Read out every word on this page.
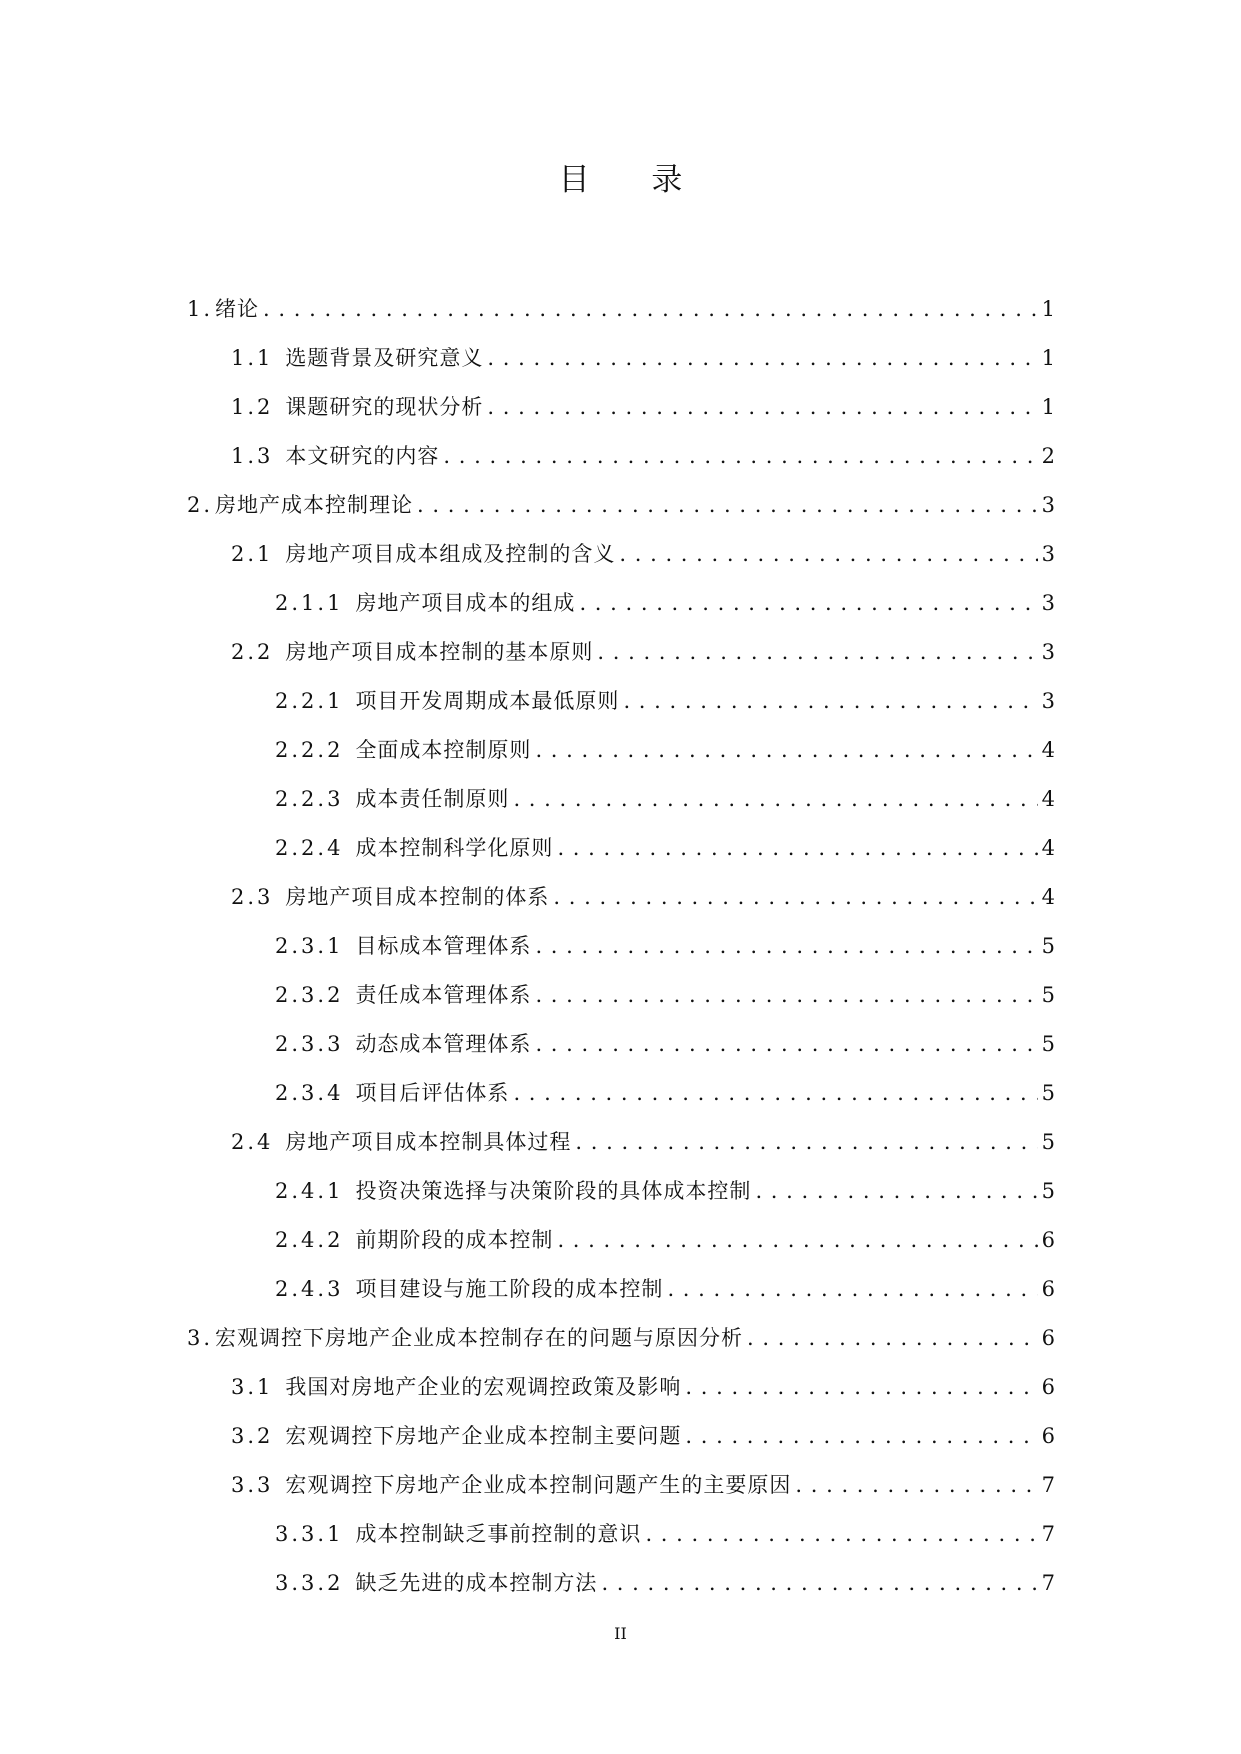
目 录
1. 绪论 . . .	1
1.1 选题背景及研究意义 . . .	1
1.2 课题研究的现状分析 . . .	1
1.3 本文研究的内容 . . .	2
2. 房地产成本控制理论 . . .	3
2.1 房地产项目成本组成及控制的含义 . . .	3
2.1.1 房地产项目成本的组成 . . .	3
2.2 房地产项目成本控制的基本原则 . . .	3
2.2.1 项目开发周期成本最低原则 . . .	3
2.2.2 全面成本控制原则 . . .	4
2.2.3 成本责任制原则 . . .	4
2.2.4 成本控制科学化原则 . . .	4
2.3 房地产项目成本控制的体系 . . .	4
2.3.1 目标成本管理体系 . . .	5
2.3.2 责任成本管理体系 . . .	5
2.3.3 动态成本管理体系 . . .	5
2.3.4 项目后评估体系 . . .	5
2.4 房地产项目成本控制具体过程 . . .	5
2.4.1 投资决策选择与决策阶段的具体成本控制 . . .	5
2.4.2 前期阶段的成本控制 . . .	6
2.4.3 项目建设与施工阶段的成本控制 . . .	6
3. 宏观调控下房地产企业成本控制存在的问题与原因分析 . . .	6
3.1 我国对房地产企业的宏观调控政策及影响 . . .	6
3.2 宏观调控下房地产企业成本控制主要问题 . . .	6
3.3 宏观调控下房地产企业成本控制问题产生的主要原因 . . .	7
3.3.1 成本控制缺乏事前控制的意识 . . .	7
3.3.2 缺乏先进的成本控制方法 . . .	7
II
